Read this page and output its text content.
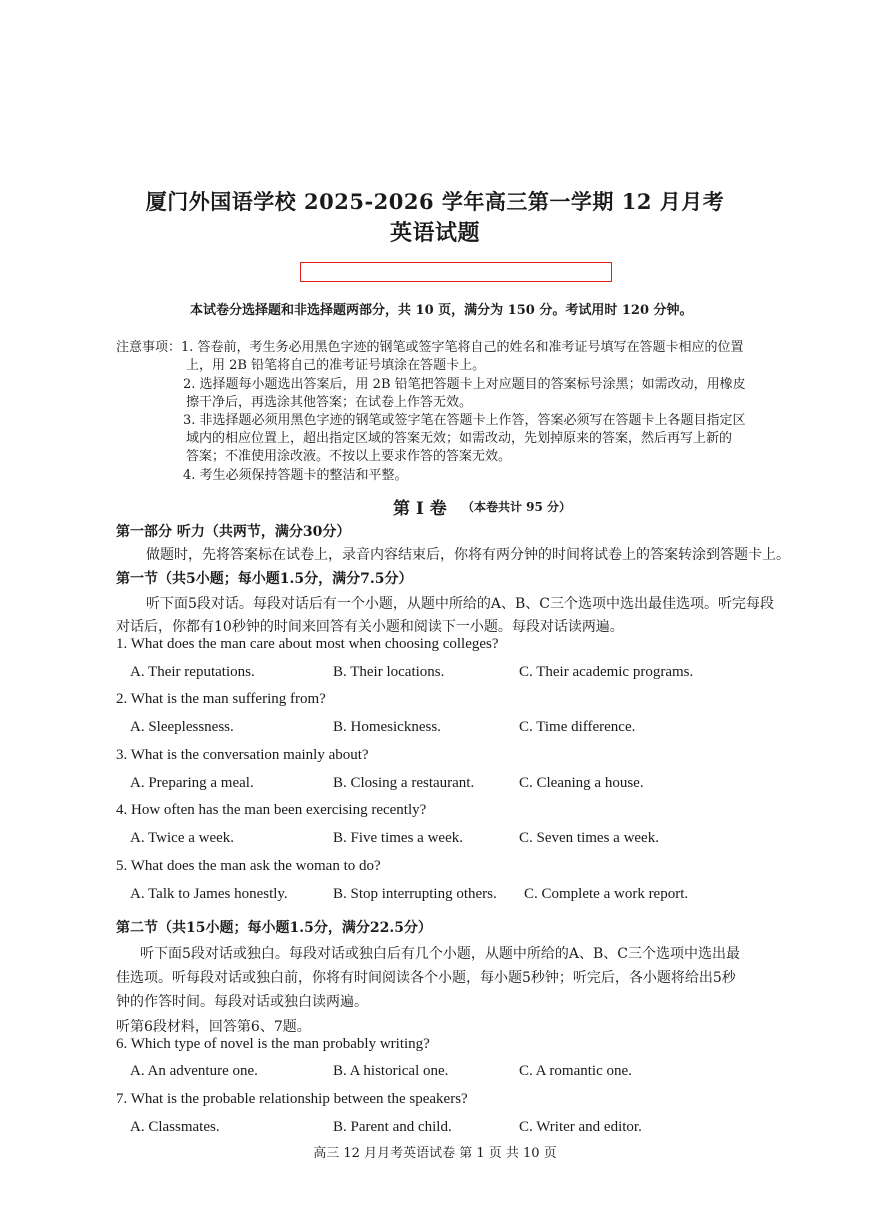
厦门外国语学校 2025-2026 学年高三第一学期 12 月月考
英语试题
本试卷分选择题和非选择题两部分，共 10 页，满分为 150 分。考试用时 120 分钟。
注意事项： 1. 答卷前，考生务必用黑色字迹的钢笔或签字笔将自己的姓名和准考证号填写在答题卡相应的位置
上，用 2B 铅笔将自己的准考证号填涂在答题卡上。
2. 选择题每小题选出答案后，用 2B 铅笔把答题卡上对应题目的答案标号涂黑；如需改动，用橡皮
擦干净后，再选涂其他答案；在试卷上作答无效。
3. 非选择题必须用黑色字迹的钢笔或签字笔在答题卡上作答，答案必须写在答题卡上各题目指定区
域内的相应位置上，超出指定区域的答案无效；如需改动，先划掉原来的答案，然后再写上新的
答案；不准使用涂改液。不按以上要求作答的答案无效。
4. 考生必须保持答题卡的整洁和平整。
第 I 卷 （本卷共计 95 分）
第一部分 听力（共两节，满分30分）
做题时，先将答案标在试卷上，录音内容结束后，你将有两分钟的时间将试卷上的答案转涂到答题卡上。
第一节（共5小题；每小题1.5分，满分7.5分）
听下面5段对话。每段对话后有一个小题，从题中所给的A、B、C三个选项中选出最佳选项。听完每段
对话后，你都有10秒钟的时间来回答有关小题和阅读下一小题。每段对话读两遍。
1. What does the man care about most when choosing colleges?
A. Their reputations.	B. Their locations.	C. Their academic programs.
2. What is the man suffering from?
A. Sleeplessness.	B. Homesickness.	C. Time difference.
3. What is the conversation mainly about?
A. Preparing a meal.	B. Closing a restaurant.	C. Cleaning a house.
4. How often has the man been exercising recently?
A. Twice a week.	B. Five times a week.	C. Seven times a week.
5. What does the man ask the woman to do?
A. Talk to James honestly.	B. Stop interrupting others. C. Complete a work report.
第二节（共15小题；每小题1.5分，满分22.5分）
听下面5段对话或独白。每段对话或独白后有几个小题，从题中所给的A、B、C三个选项中选出最
佳选项。听每段对话或独白前，你将有时间阅读各个小题，每小题5秒钟；听完后，各小题将给出5秒
钟的作答时间。每段对话或独白读两遍。
听第6段材料，回答第6、7题。
6. Which type of novel is the man probably writing?
A. An adventure one.	B. A historical one.	C. A romantic one.
7. What is the probable relationship between the speakers?
A. Classmates.	B. Parent and child.	C. Writer and editor.
高三 12 月月考英语试卷 第 1 页 共 10 页
